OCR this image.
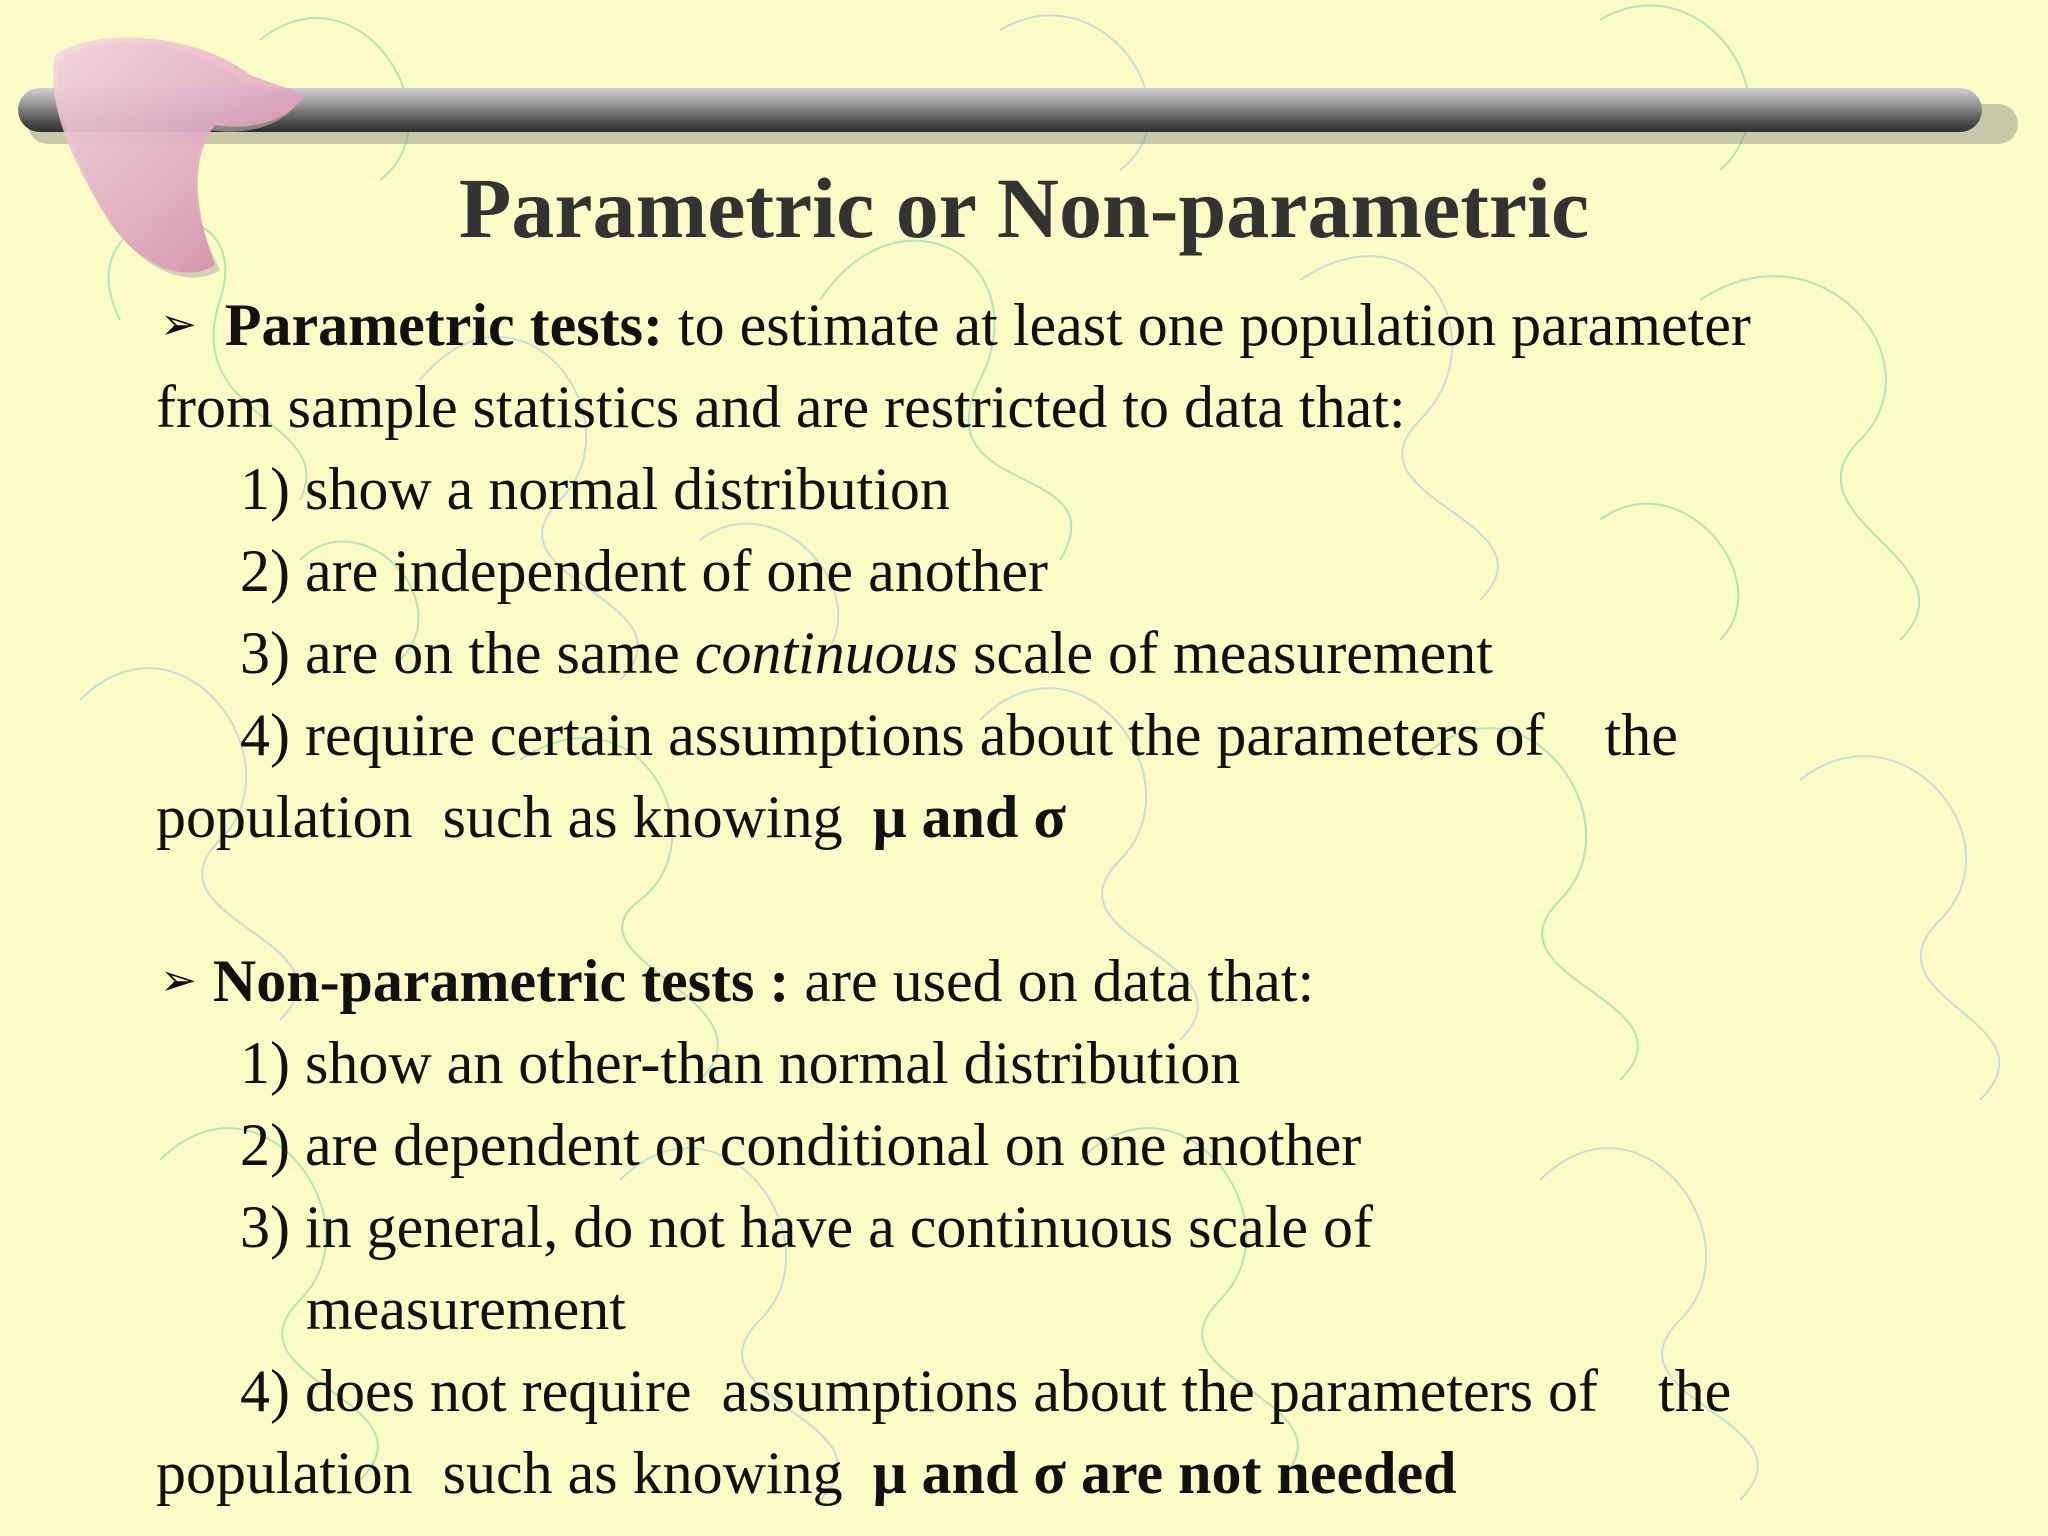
Parametric or Non-parametric
➢ Parametric tests: to estimate at least one population parameter
from sample statistics and are restricted to data that:
1) show a normal distribution
2) are independent of one another
3) are on the same continuous scale of measurement
4) require certain assumptions about the parameters of    the
population  such as knowing  μ and σ
➢ Non-parametric tests : are used on data that:
1) show an other-than normal distribution
2) are dependent or conditional on one another
3) in general, do not have a continuous scale of
measurement
4) does not require  assumptions about the parameters of    the
population  such as knowing  μ and σ are not needed
